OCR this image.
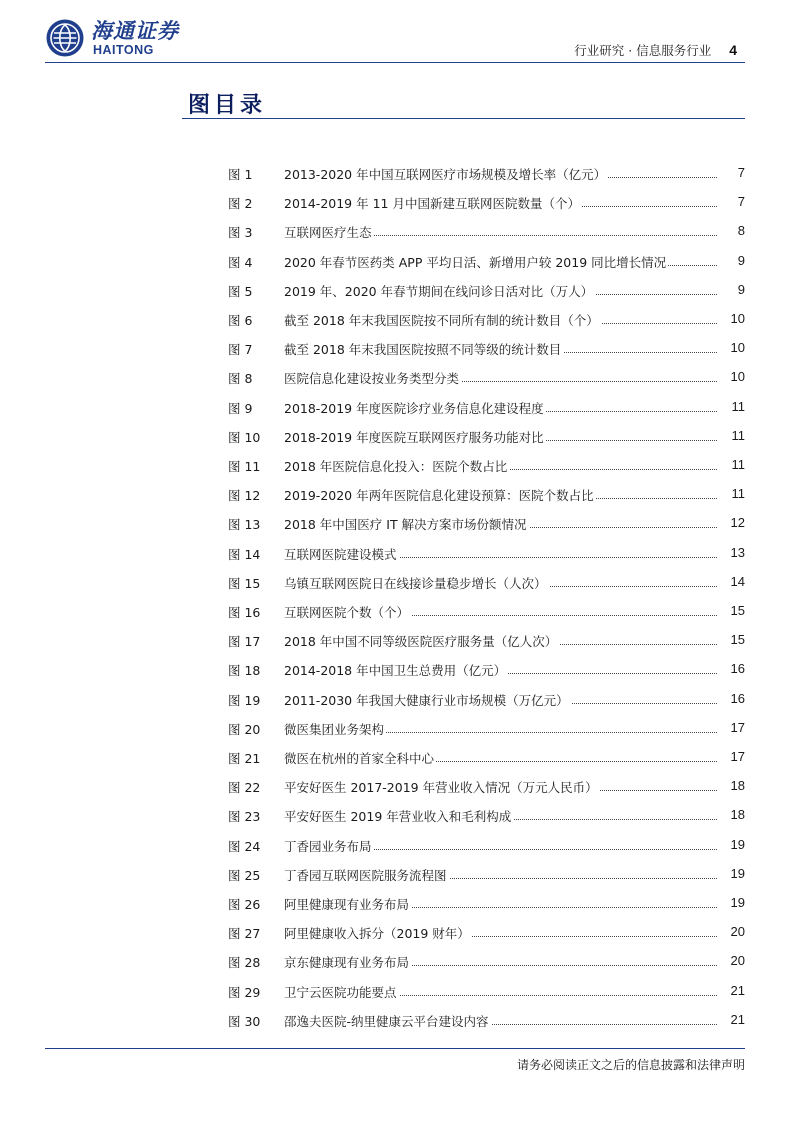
海通证券
HAITONG	行业研究 · 信息服务行业 4
图目录
图 1	2013-2020 年中国互联网医疗市场规模及增长率（亿元）	7
图 2	2014-2019 年 11 月中国新建互联网医院数量（个）	7
图 3	互联网医疗生态	8
图 4	2020 年春节医药类 APP 平均日活、新增用户较 2019 同比增长情况	9
图 5	2019 年、2020 年春节期间在线问诊日活对比（万人）	9
图 6	截至 2018 年末我国医院按不同所有制的统计数目（个）	10
图 7	截至 2018 年末我国医院按照不同等级的统计数目	10
图 8	医院信息化建设按业务类型分类	10
图 9	2018-2019 年度医院诊疗业务信息化建设程度	11
图 10 2018-2019 年度医院互联网医疗服务功能对比	11
图 11 2018 年医院信息化投入：医院个数占比	11
图 12 2019-2020 年两年医院信息化建设预算：医院个数占比	11
图 13 2018 年中国医疗 IT 解决方案市场份额情况	12
图 14 互联网医院建设模式	13
图 15 乌镇互联网医院日在线接诊量稳步增长（人次）	14
图 16 互联网医院个数（个）	15
图 17 2018 年中国不同等级医院医疗服务量（亿人次）	15
图 18 2014-2018 年中国卫生总费用（亿元）	16
图 19 2011-2030 年我国大健康行业市场规模（万亿元）	16
图 20 微医集团业务架构	17
图 21 微医在杭州的首家全科中心	17
图 22 平安好医生 2017-2019 年营业收入情况（万元人民币）	18
图 23 平安好医生 2019 年营业收入和毛利构成	18
图 24 丁香园业务布局	19
图 25 丁香园互联网医院服务流程图	19
图 26 阿里健康现有业务布局	19
图 27 阿里健康收入拆分（2019 财年）	20
图 28 京东健康现有业务布局	20
图 29 卫宁云医院功能要点	21
图 30 邵逸夫医院-纳里健康云平台建设内容	21
请务必阅读正文之后的信息披露和法律声明
